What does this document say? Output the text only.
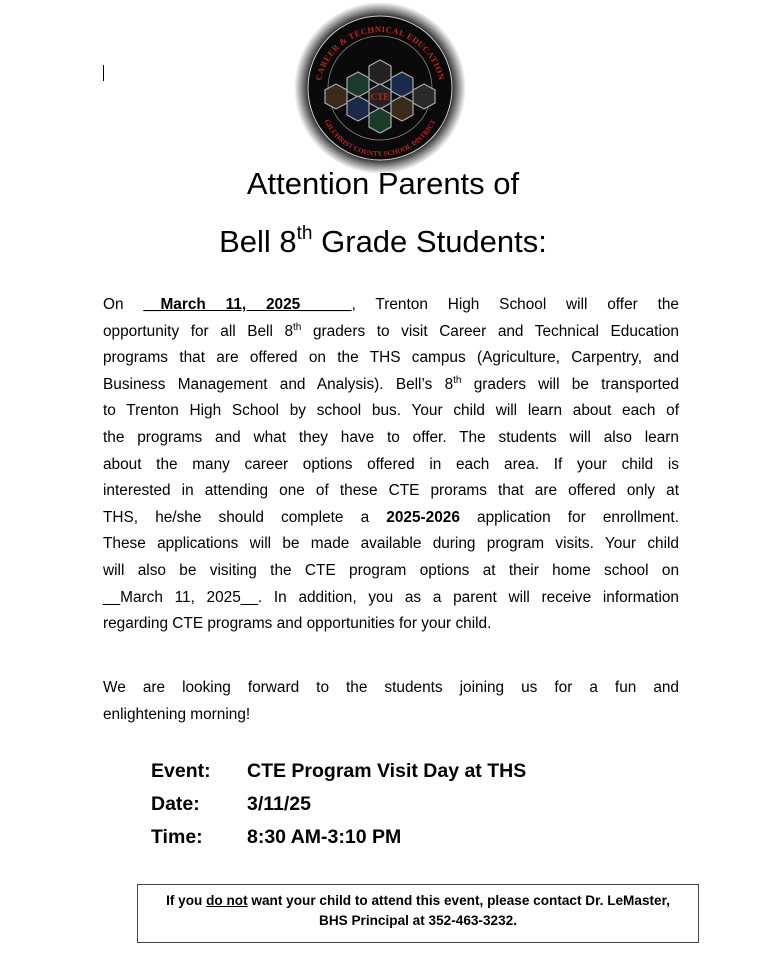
CAREER & TECHNICAL EDUCATION
GILCHRIST COUNTY SCHOOL DISTRICT
CTE
Attention Parents of
Bell 8th Grade Students:
On __March 11, 2025______, Trenton High School will offer the
opportunity for all Bell 8th graders to visit Career and Technical Education
programs that are offered on the THS campus (Agriculture, Carpentry, and
Business Management and Analysis). Bell’s 8th graders will be transported
to Trenton High School by school bus. Your child will learn about each of
the programs and what they have to offer. The students will also learn
about the many career options offered in each area. If your child is
interested in attending one of these CTE prorams that are offered only at
THS, he/she should complete a 2025-2026 application for enrollment.
These applications will be made available during program visits. Your child
will also be visiting the CTE program options at their home school on
__March 11, 2025__. In addition, you as a parent will receive information
regarding CTE programs and opportunities for your child.
We are looking forward to the students joining us for a fun and
enlightening morning!
Event:	CTE Program Visit Day at THS
Date:	3/11/25
Time:	8:30 AM-3:10 PM
If you do not want your child to attend this event, please contact Dr. LeMaster,
BHS Principal at 352-463-3232.
